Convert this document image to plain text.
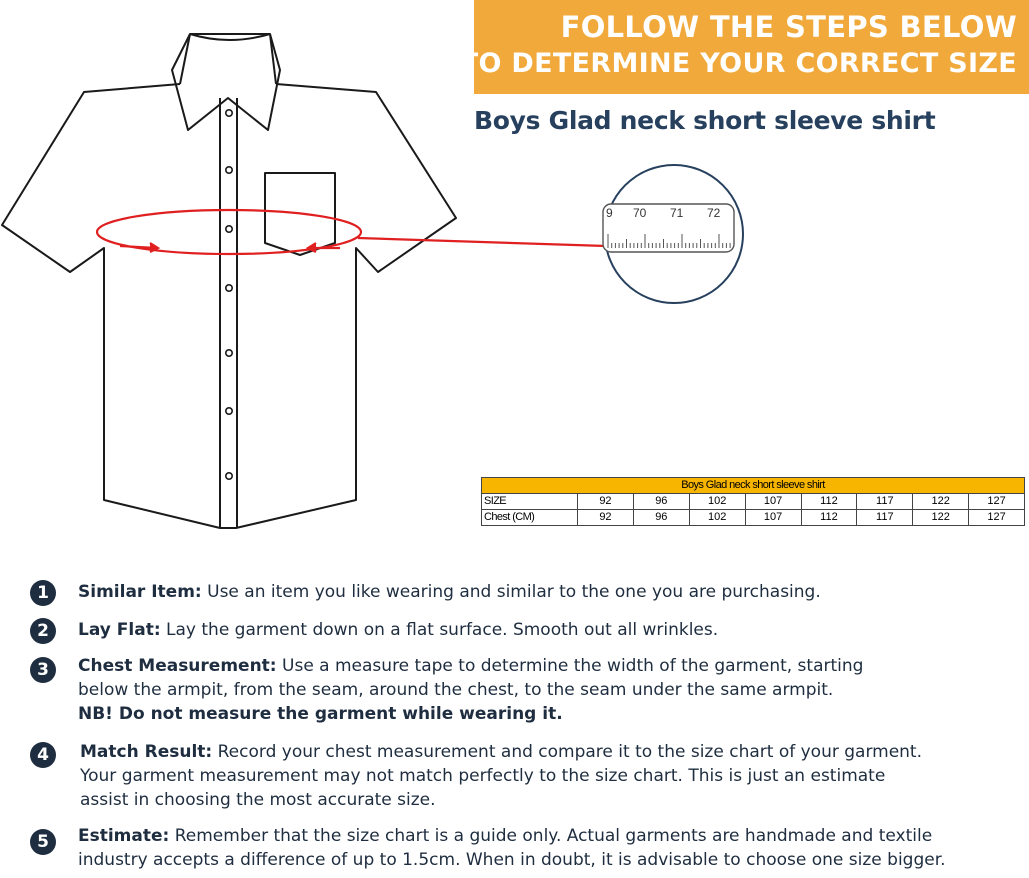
9 70 71 72
FOLLOW THE STEPS BELOW
TO DETERMINE YOUR CORRECT SIZE
Boys Glad neck short sleeve shirt
Boys Glad neck short sleeve shirt								
SIZE	92	96	102	107	112	117	122	127
Chest (CM)	92	96	102	107	112	117	122	127
1	Similar Item: Use an item you like wearing and similar to the one you are purchasing.
2	Lay Flat: Lay the garment down on a flat surface. Smooth out all wrinkles.
3	Chest Measurement: Use a measure tape to determine the width of the garment, starting
below the armpit, from the seam, around the chest, to the seam under the same armpit.
NB! Do not measure the garment while wearing it.
4	Match Result: Record your chest measurement and compare it to the size chart of your garment.
Your garment measurement may not match perfectly to the size chart. This is just an estimate
assist in choosing the most accurate size.
5	Estimate: Remember that the size chart is a guide only. Actual garments are handmade and textile
industry accepts a difference of up to 1.5cm. When in doubt, it is advisable to choose one size bigger.
